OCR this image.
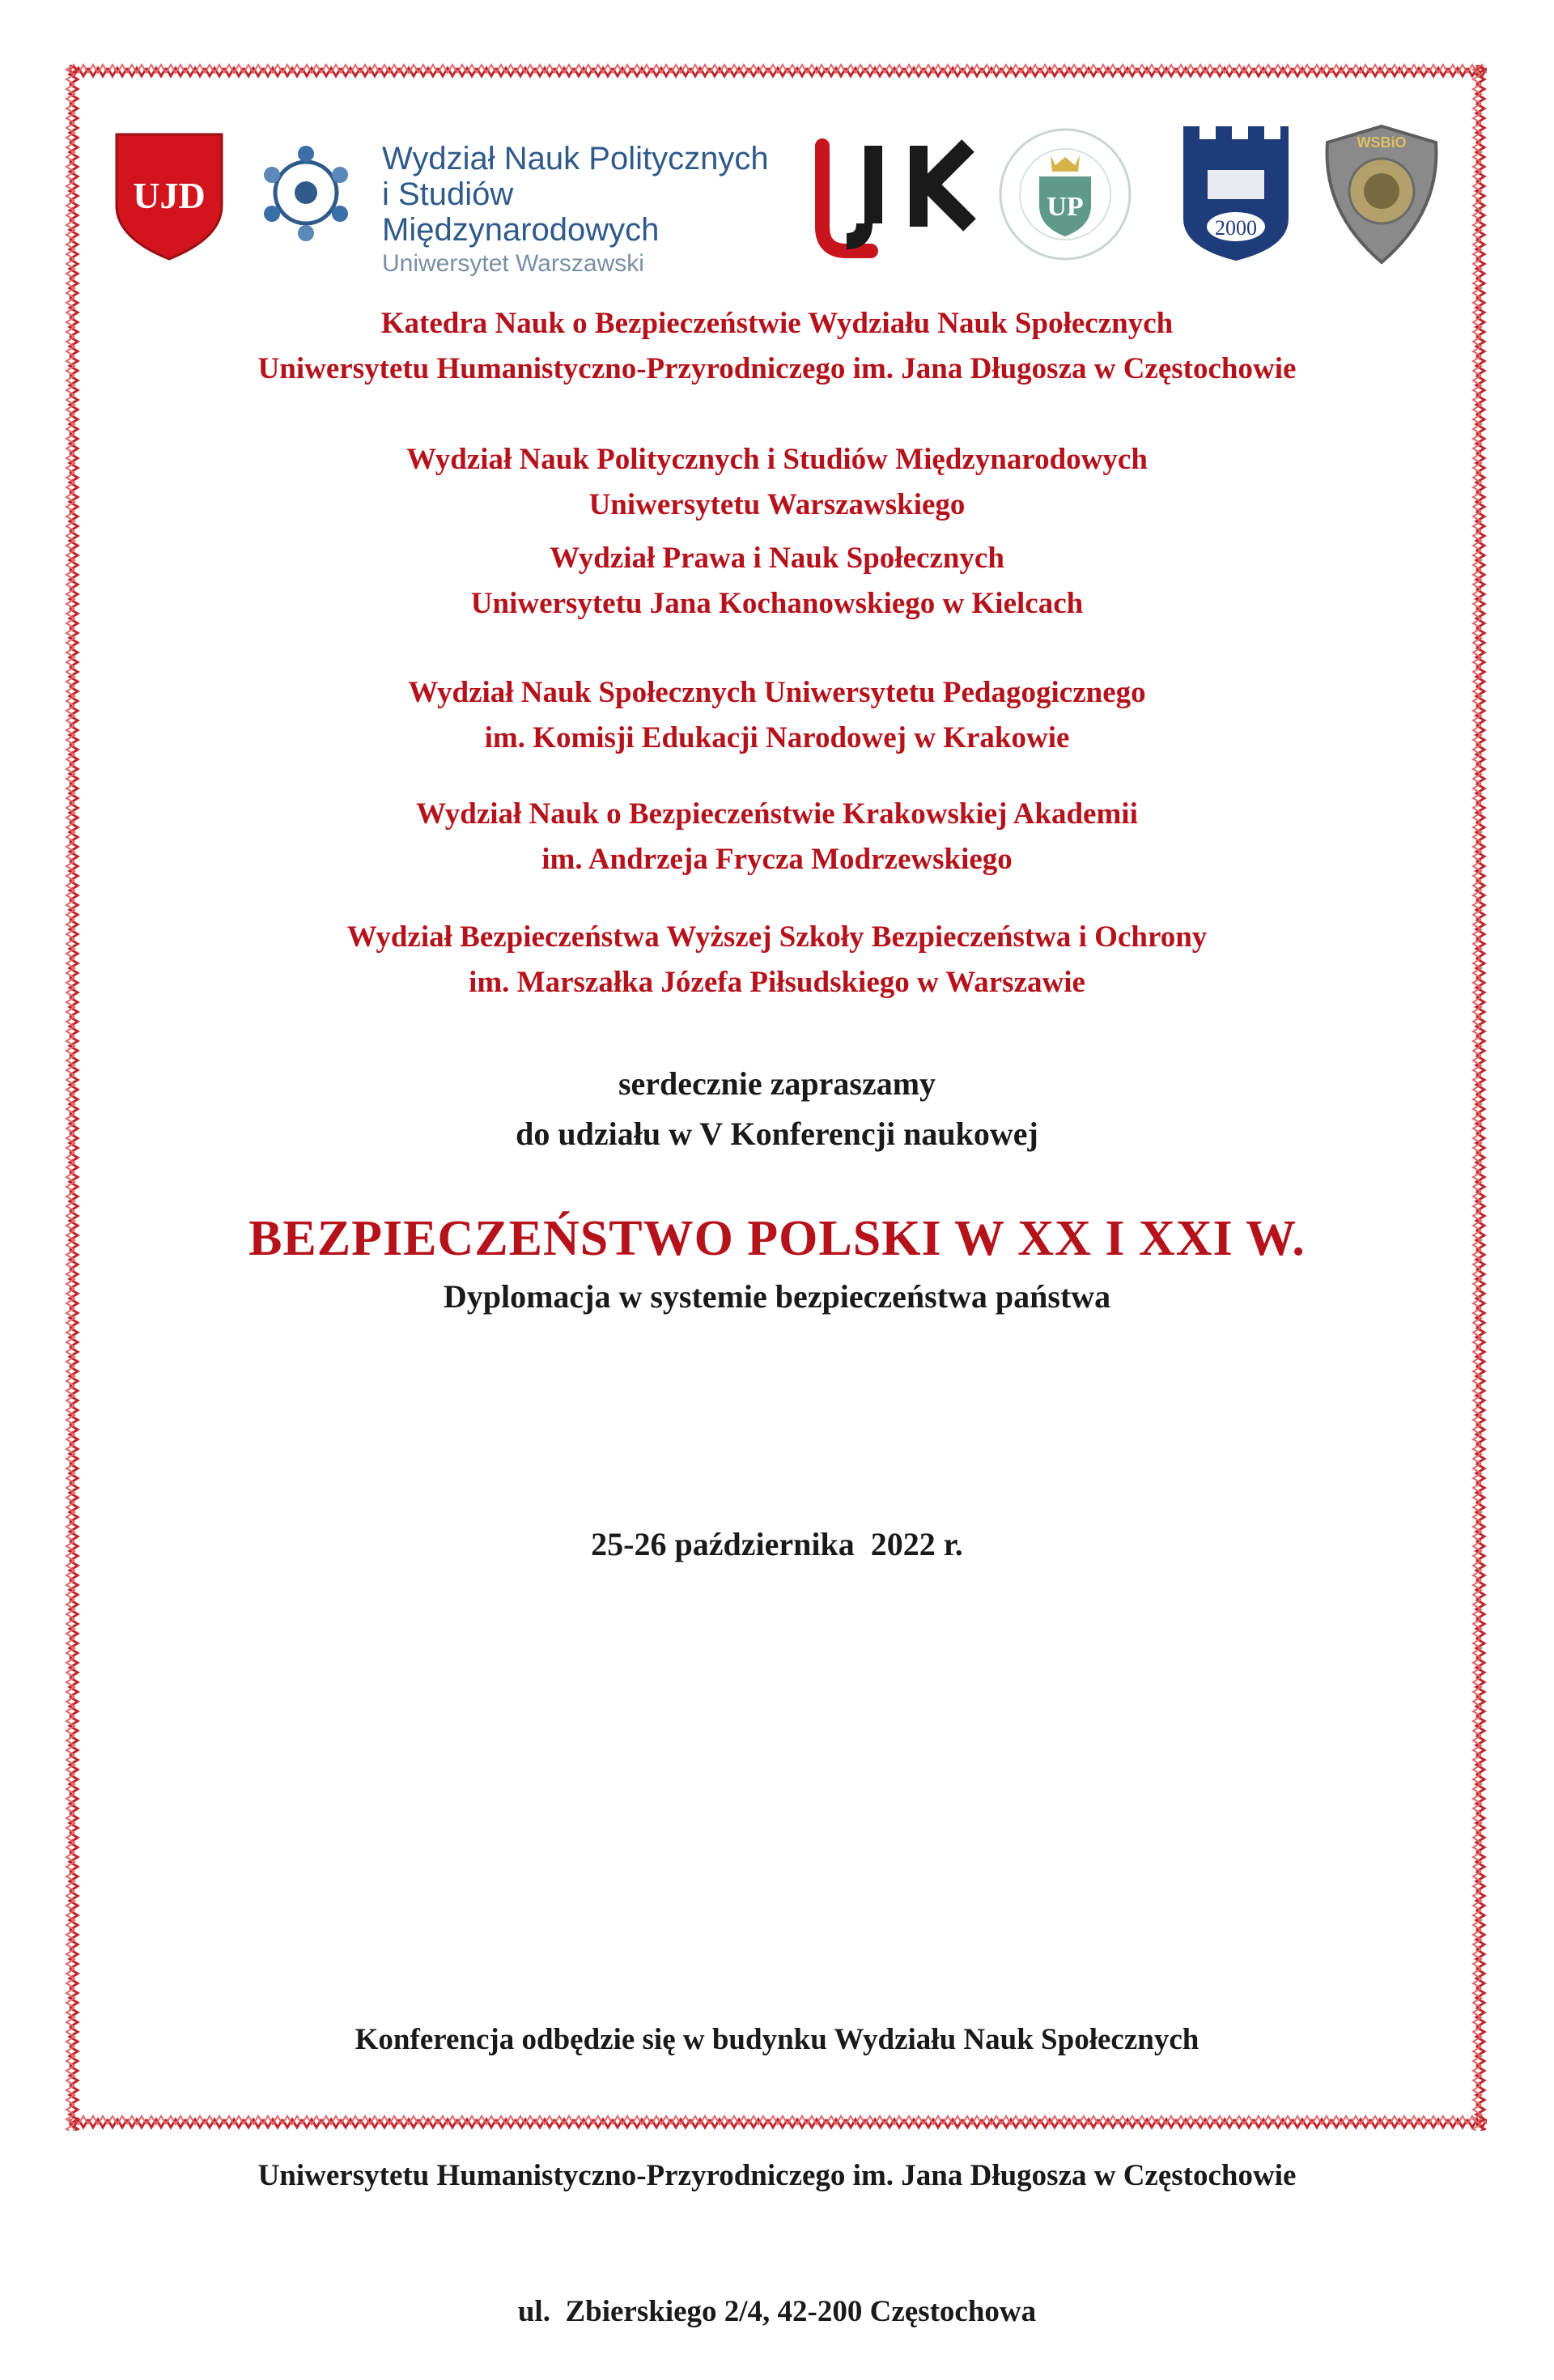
UJD
Wydział Nauk Politycznych
i Studiów Międzynarodowych
Uniwersytet Warszawski
UP
2000
WSBiO
Katedra Nauk o Bezpieczeństwie Wydziału Nauk Społecznych
Uniwersytetu Humanistyczno-Przyrodniczego im. Jana Długosza w Częstochowie
Wydział Nauk Politycznych i Studiów Międzynarodowych
Uniwersytetu Warszawskiego
Wydział Prawa i Nauk Społecznych
Uniwersytetu Jana Kochanowskiego w Kielcach
Wydział Nauk Społecznych Uniwersytetu Pedagogicznego
im. Komisji Edukacji Narodowej w Krakowie
Wydział Nauk o Bezpieczeństwie Krakowskiej Akademii
im. Andrzeja Frycza Modrzewskiego
Wydział Bezpieczeństwa Wyższej Szkoły Bezpieczeństwa i Ochrony
im. Marszałka Józefa Piłsudskiego w Warszawie
serdecznie zapraszamy
do udziału w V Konferencji naukowej
BEZPIECZEŃSTWO POLSKI W XX I XXI W.
Dyplomacja w systemie bezpieczeństwa państwa
25-26 października  2022 r.

Konferencja odbędzie się w budynku Wydziału Nauk Społecznych

Uniwersytetu Humanistyczno-Przyrodniczego im. Jana Długosza w Częstochowie

ul.  Zbierskiego 2/4, 42-200 Częstochowa
